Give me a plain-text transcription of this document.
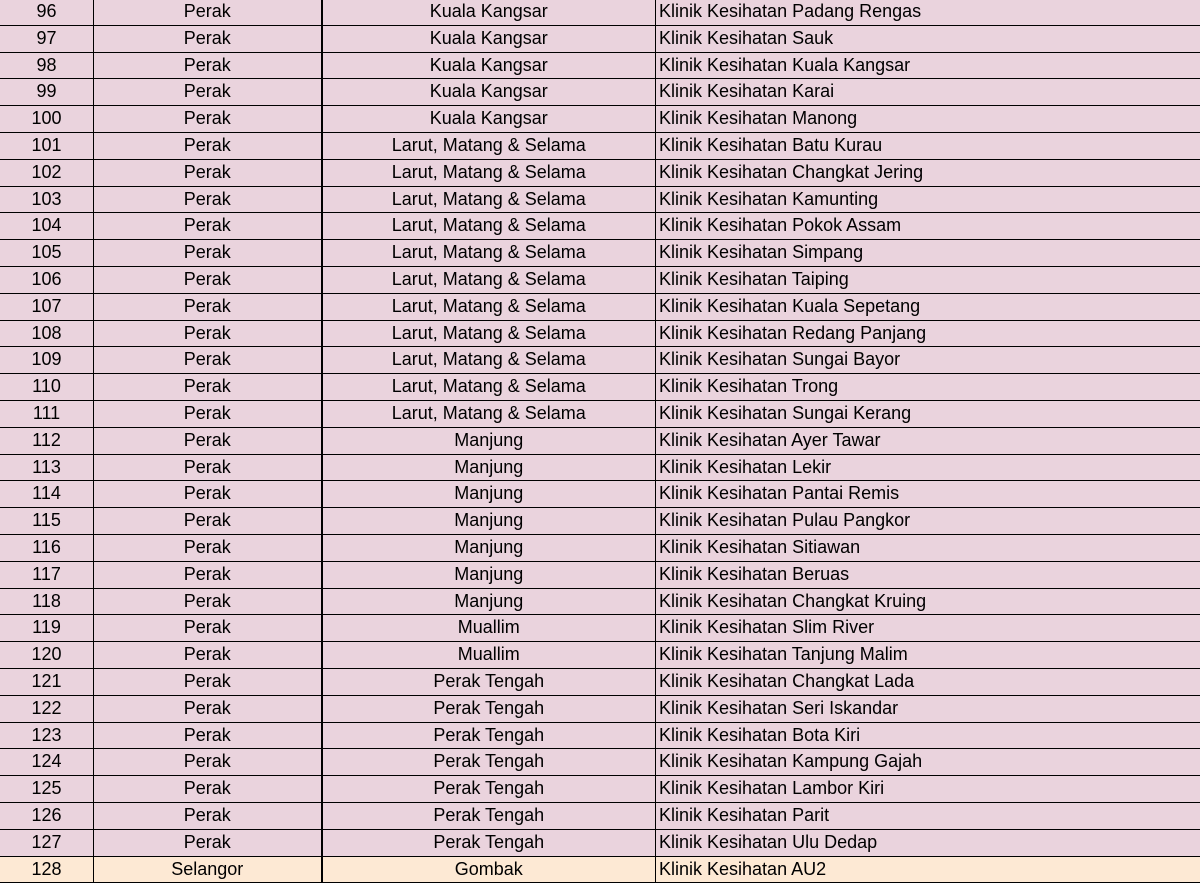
96	Perak	Kuala Kangsar	Klinik Kesihatan Padang Rengas
97	Perak	Kuala Kangsar	Klinik Kesihatan Sauk
98	Perak	Kuala Kangsar	Klinik Kesihatan Kuala Kangsar
99	Perak	Kuala Kangsar	Klinik Kesihatan Karai
100	Perak	Kuala Kangsar	Klinik Kesihatan Manong
101	Perak	Larut, Matang & Selama	Klinik Kesihatan Batu Kurau
102	Perak	Larut, Matang & Selama	Klinik Kesihatan Changkat Jering
103	Perak	Larut, Matang & Selama	Klinik Kesihatan Kamunting
104	Perak	Larut, Matang & Selama	Klinik Kesihatan Pokok Assam
105	Perak	Larut, Matang & Selama	Klinik Kesihatan Simpang
106	Perak	Larut, Matang & Selama	Klinik Kesihatan Taiping
107	Perak	Larut, Matang & Selama	Klinik Kesihatan Kuala Sepetang
108	Perak	Larut, Matang & Selama	Klinik Kesihatan Redang Panjang
109	Perak	Larut, Matang & Selama	Klinik Kesihatan Sungai Bayor
110	Perak	Larut, Matang & Selama	Klinik Kesihatan Trong
111	Perak	Larut, Matang & Selama	Klinik Kesihatan Sungai Kerang
112	Perak	Manjung	Klinik Kesihatan Ayer Tawar
113	Perak	Manjung	Klinik Kesihatan Lekir
114	Perak	Manjung	Klinik Kesihatan Pantai Remis
115	Perak	Manjung	Klinik Kesihatan Pulau Pangkor
116	Perak	Manjung	Klinik Kesihatan Sitiawan
117	Perak	Manjung	Klinik Kesihatan Beruas
118	Perak	Manjung	Klinik Kesihatan Changkat Kruing
119	Perak	Muallim	Klinik Kesihatan Slim River
120	Perak	Muallim	Klinik Kesihatan Tanjung Malim
121	Perak	Perak Tengah	Klinik Kesihatan Changkat Lada
122	Perak	Perak Tengah	Klinik Kesihatan Seri Iskandar
123	Perak	Perak Tengah	Klinik Kesihatan Bota Kiri
124	Perak	Perak Tengah	Klinik Kesihatan Kampung Gajah
125	Perak	Perak Tengah	Klinik Kesihatan Lambor Kiri
126	Perak	Perak Tengah	Klinik Kesihatan Parit
127	Perak	Perak Tengah	Klinik Kesihatan Ulu Dedap
128	Selangor	Gombak	Klinik Kesihatan AU2
